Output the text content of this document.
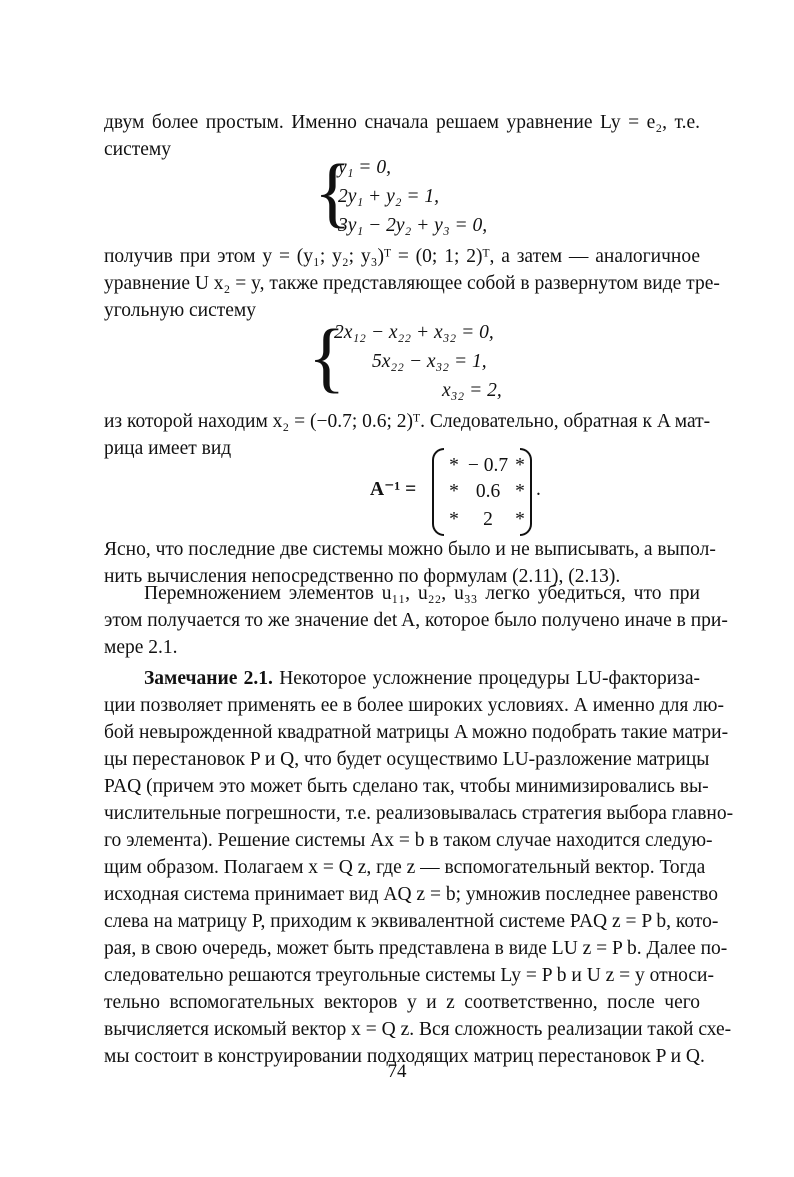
двум более простым. Именно сначала решаем уравнение Ly = e₂, т.е.
систему	{
y₁ = 0,
2y₁ + y₂ = 1,
3y₁ − 2y₂ + y₃ = 0,
получив при этом y = (y₁; y₂; y₃)ᵀ = (0; 1; 2)ᵀ, а затем — аналогичное
уравнение U x₂ = y, также представляющее собой в развернутом виде тре-
угольную систему
{
2x₁₂ − x₂₂ + x₃₂ = 0,
5x₂₂ − x₃₂ = 1,
x₃₂ = 2,
из которой находим x₂ = (−0.7; 0.6; 2)ᵀ. Следовательно, обратная к A мат-
рица имеет вид
A⁻¹ =
* − 0.7 *
* 0.6 *
*	2	*
.
Ясно, что последние две системы можно было и не выписывать, а выпол-
нить вычисления непосредственно по формулам (2.11), (2.13).
Перемножением элементов u₁₁, u₂₂, u₃₃ легко убедиться, что при
этом получается то же значение det A, которое было получено иначе в при-
мере 2.1.
Замечание 2.1. Некоторое усложнение процедуры LU-факторизa-
ции позволяет применять ее в более широких условиях. А именно для лю-
бой невырожденной квадратной матрицы A можно подобрать такие матри-
цы перестановок P и Q, что будет осуществимо LU-разложение матрицы
PAQ (причем это может быть сделано так, чтобы минимизировались вы-
числительные погрешности, т.е. реализовывалась стратегия выбора главно-
го элемента). Решение системы Ax = b в таком случае находится следую-
щим образом. Полагаем x = Q z, где z — вспомогательный вектор. Тогда
исходная система принимает вид AQ z = b; умножив последнее равенство
слева на матрицу P, приходим к эквивалентной системе PAQ z = P b, кото-
рая, в свою очередь, может быть представлена в виде LU z = P b. Далее по-
следовательно решаются треугольные системы Ly = P b и U z = y относи-
тельно вспомогательных векторов y и z соответственно, после чего
вычисляется искомый вектор x = Q z. Вся сложность реализации такой схе-
мы состоит в конструировании подходящих матриц перестановок P и Q.
74
